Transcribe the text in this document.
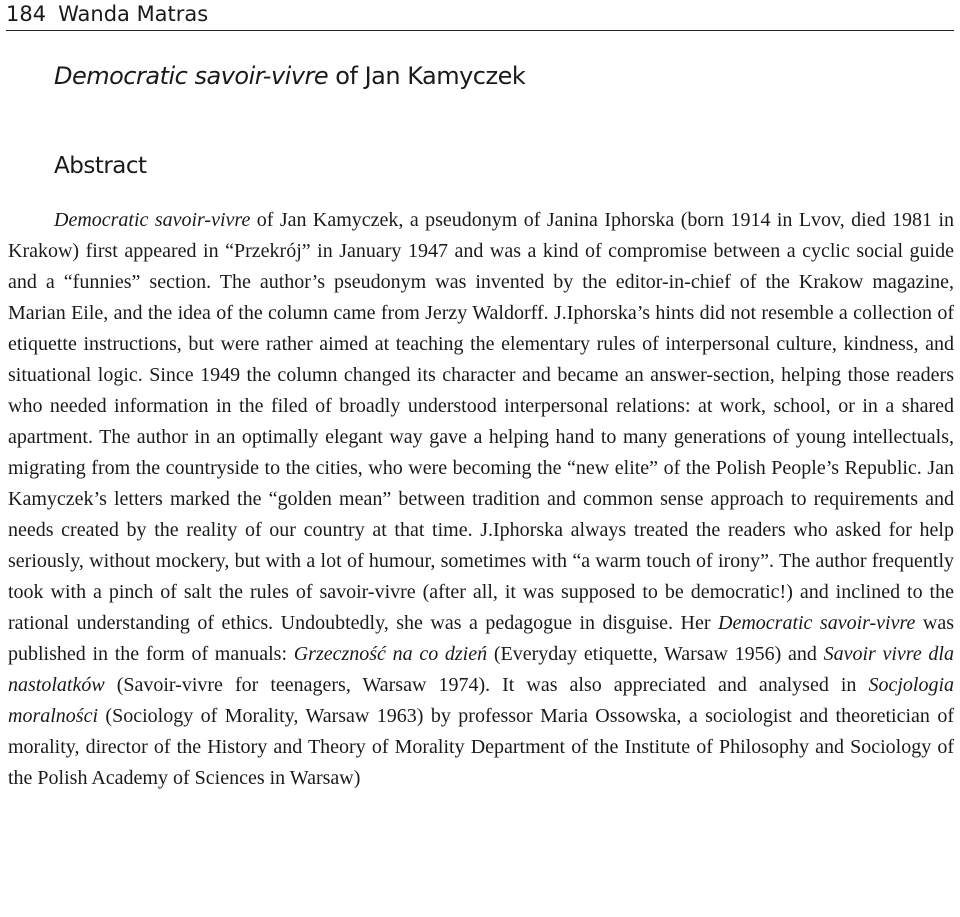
184 Wanda Matras
Democratic savoir-vivre of Jan Kamyczek
Abstract

Democratic savoir-vivre of Jan Kamyczek, a pseudonym of Janina Iphorska (born 1914 in Lvov, died 1981 in Krakow) first appeared in “Przekrój” in January 1947 and was a kind of compromise between a cyclic social guide and a “funnies” section. The author’s pseudonym was invented by the editor-in-chief of the Krakow magazine, Marian Eile, and the idea of the column came from Jerzy Waldorff. J.Iphorska’s hints did not resemble a collection of etiquette instructions, but were rather aimed at teaching the elementary rules of interpersonal culture, kindness, and situational logic. Since 1949 the column changed its character and became an answer-section, helping those readers who needed information in the filed of broadly understood interpersonal relations: at work, school, or in a shared apartment. The author in an optimally elegant way gave a helping hand to many generations of young intellectuals, migrating from the countryside to the cities, who were becoming the “new elite” of the Polish People’s Republic. Jan Kamyczek’s letters marked the “golden mean” between tradition and common sense approach to requirements and needs created by the reality of our country at that time. J.Iphorska always treated the readers who asked for help seriously, without mockery, but with a lot of humour, sometimes with “a warm touch of irony”. The author frequently took with a pinch of salt the rules of savoir-vivre (after all, it was supposed to be democratic!) and inclined to the rational understanding of ethics. Undoubtedly, she was a pedagogue in disguise. Her Democratic savoir-vivre was published in the form of manuals: Grzeczność na co dzień (Everyday etiquette, Warsaw 1956) and Savoir vivre dla nastolatków (Savoir-vivre for teenagers, Warsaw 1974). It was also appreciated and analysed in Socjologia moralności (Sociology of Morality, Warsaw 1963) by professor Maria Ossowska, a sociologist and theoretician of morality, director of the History and Theory of Morality Department of the Institute of Philosophy and Sociology of the Polish Academy of Sciences in Warsaw)
